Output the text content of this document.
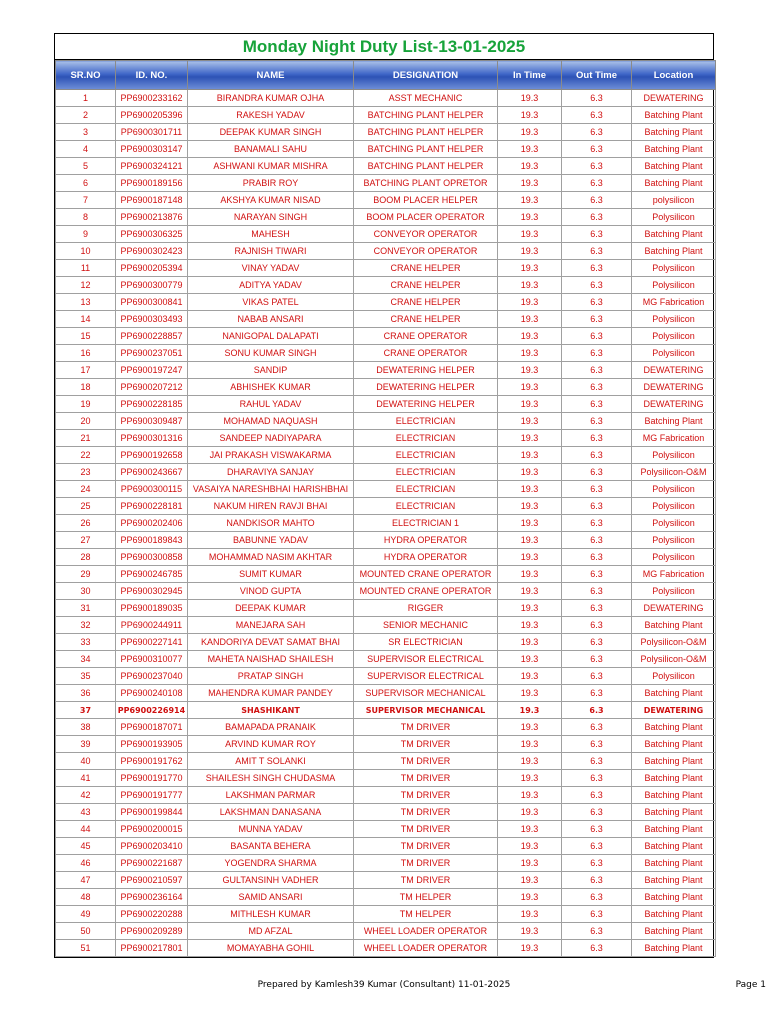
Monday Night Duty List-13-01-2025
SR.NO	ID. NO.	NAME	DESIGNATION	In Time	Out Time	Location
1	PP6900233162	BIRANDRA KUMAR OJHA	ASST MECHANIC	19.3	6.3	DEWATERING
2	PP6900205396	RAKESH YADAV	BATCHING PLANT HELPER	19.3	6.3	Batching Plant
3	PP6900301711	DEEPAK KUMAR SINGH	BATCHING PLANT HELPER	19.3	6.3	Batching Plant
4	PP6900303147	BANAMALI SAHU	BATCHING PLANT HELPER	19.3	6.3	Batching Plant
5	PP6900324121	ASHWANI KUMAR MISHRA	BATCHING PLANT HELPER	19.3	6.3	Batching Plant
6	PP6900189156	PRABIR ROY	BATCHING PLANT OPRETOR	19.3	6.3	Batching Plant
7	PP6900187148	AKSHYA KUMAR NISAD	BOOM PLACER HELPER	19.3	6.3	polysilicon
8	PP6900213876	NARAYAN SINGH	BOOM PLACER OPERATOR	19.3	6.3	Polysilicon
9	PP6900306325	MAHESH	CONVEYOR OPERATOR	19.3	6.3	Batching Plant
10	PP6900302423	RAJNISH TIWARI	CONVEYOR OPERATOR	19.3	6.3	Batching Plant
11	PP6900205394	VINAY YADAV	CRANE HELPER	19.3	6.3	Polysilicon
12	PP6900300779	ADITYA YADAV	CRANE HELPER	19.3	6.3	Polysilicon
13	PP6900300841	VIKAS PATEL	CRANE HELPER	19.3	6.3	MG Fabrication
14	PP6900303493	NABAB ANSARI	CRANE HELPER	19.3	6.3	Polysilicon
15	PP6900228857	NANIGOPAL DALAPATI	CRANE OPERATOR	19.3	6.3	Polysilicon
16	PP6900237051	SONU KUMAR SINGH	CRANE OPERATOR	19.3	6.3	Polysilicon
17	PP6900197247	SANDIP	DEWATERING HELPER	19.3	6.3	DEWATERING
18	PP6900207212	ABHISHEK KUMAR	DEWATERING HELPER	19.3	6.3	DEWATERING
19	PP6900228185	RAHUL YADAV	DEWATERING HELPER	19.3	6.3	DEWATERING
20	PP6900309487	MOHAMAD NAQUASH	ELECTRICIAN	19.3	6.3	Batching Plant
21	PP6900301316	SANDEEP NADIYAPARA	ELECTRICIAN	19.3	6.3	MG Fabrication
22	PP6900192658	JAI PRAKASH VISWAKARMA	ELECTRICIAN	19.3	6.3	Polysilicon
23	PP6900243667	DHARAVIYA SANJAY	ELECTRICIAN	19.3	6.3	Polysilicon-O&M
24	PP6900300115	VASAIYA NARESHBHAI HARISHBHAI	ELECTRICIAN	19.3	6.3	Polysilicon
25	PP6900228181	NAKUM HIREN RAVJI BHAI	ELECTRICIAN	19.3	6.3	Polysilicon
26	PP6900202406	NANDKISOR MAHTO	ELECTRICIAN 1	19.3	6.3	Polysilicon
27	PP6900189843	BABUNNE YADAV	HYDRA OPERATOR	19.3	6.3	Polysilicon
28	PP6900300858	MOHAMMAD NASIM AKHTAR	HYDRA OPERATOR	19.3	6.3	Polysilicon
29	PP6900246785	SUMIT KUMAR	MOUNTED CRANE OPERATOR	19.3	6.3	MG Fabrication
30	PP6900302945	VINOD GUPTA	MOUNTED CRANE OPERATOR	19.3	6.3	Polysilicon
31	PP6900189035	DEEPAK KUMAR	RIGGER	19.3	6.3	DEWATERING
32	PP6900244911	MANEJARA SAH	SENIOR MECHANIC	19.3	6.3	Batching Plant
33	PP6900227141	KANDORIYA DEVAT SAMAT BHAI	SR ELECTRICIAN	19.3	6.3	Polysilicon-O&M
34	PP6900310077	MAHETA NAISHAD SHAILESH	SUPERVISOR ELECTRICAL	19.3	6.3	Polysilicon-O&M
35	PP6900237040	PRATAP SINGH	SUPERVISOR ELECTRICAL	19.3	6.3	Polysilicon
36	PP6900240108	MAHENDRA KUMAR PANDEY	SUPERVISOR MECHANICAL	19.3	6.3	Batching Plant
37	PP6900226914	SHASHIKANT	SUPERVISOR MECHANICAL	19.3	6.3	DEWATERING
38	PP6900187071	BAMAPADA PRANAIK	TM DRIVER	19.3	6.3	Batching Plant
39	PP6900193905	ARVIND KUMAR ROY	TM DRIVER	19.3	6.3	Batching Plant
40	PP6900191762	AMIT T SOLANKI	TM DRIVER	19.3	6.3	Batching Plant
41	PP6900191770	SHAILESH SINGH CHUDASMA	TM DRIVER	19.3	6.3	Batching Plant
42	PP6900191777	LAKSHMAN PARMAR	TM DRIVER	19.3	6.3	Batching Plant
43	PP6900199844	LAKSHMAN DANASANA	TM DRIVER	19.3	6.3	Batching Plant
44	PP6900200015	MUNNA YADAV	TM DRIVER	19.3	6.3	Batching Plant
45	PP6900203410	BASANTA BEHERA	TM DRIVER	19.3	6.3	Batching Plant
46	PP6900221687	YOGENDRA SHARMA	TM DRIVER	19.3	6.3	Batching Plant
47	PP6900210597	GULTANSINH VADHER	TM DRIVER	19.3	6.3	Batching Plant
48	PP6900236164	SAMID ANSARI	TM HELPER	19.3	6.3	Batching Plant
49	PP6900220288	MITHLESH KUMAR	TM HELPER	19.3	6.3	Batching Plant
50	PP6900209289	MD AFZAL	WHEEL LOADER OPERATOR	19.3	6.3	Batching Plant
51	PP6900217801	MOMAYABHA GOHIL	WHEEL LOADER OPERATOR	19.3	6.3	Batching Plant
Prepared by Kamlesh39 Kumar (Consultant) 11-01-2025	Page 1
